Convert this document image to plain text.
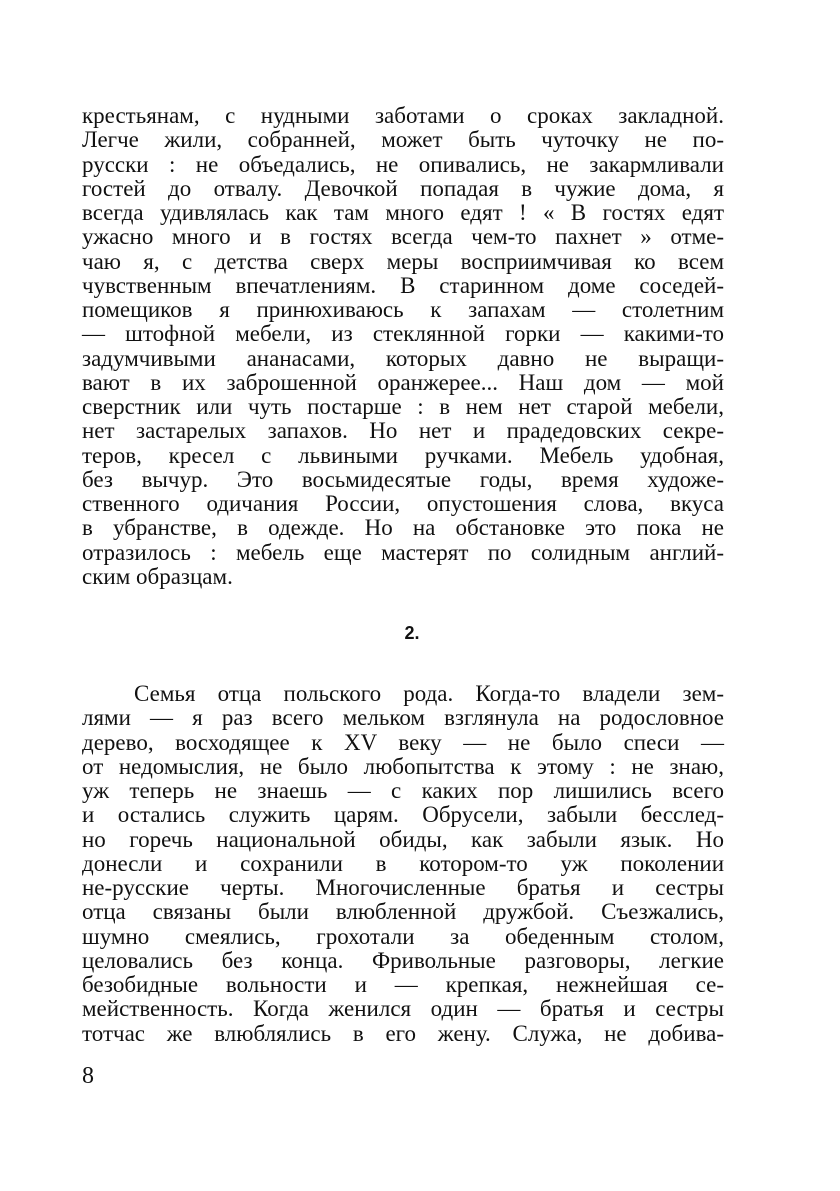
крестьянам, с нудными заботами о сроках закладной.
Легче жили, собранней, может быть чуточку не по-
русски : не объедались, не опивались, не закармливали
гостей до отвалу. Девочкой попадая в чужие дома, я
всегда удивлялась как там много едят ! « В гостях едят
ужасно много и в гостях всегда чем-то пахнет » отме-
чаю я, с детства сверх меры восприимчивая ко всем
чувственным впечатлениям. В старинном доме соседей-
помещиков я принюхиваюсь к запахам — столетним
— штофной мебели, из стеклянной горки — какими-то
задумчивыми ананасами, которых давно не выращи-
вают в их заброшенной оранжерее... Наш дом — мой
сверстник или чуть постарше : в нем нет старой мебели,
нет застарелых запахов. Но нет и прадедовских секре-
теров, кресел с львиными ручками. Мебель удобная,
без вычур. Это восьмидесятые годы, время художе-
ственного одичания России, опустошения слова, вкуса
в убранстве, в одежде. Но на обстановке это пока не
отразилось : мебель еще мастерят по солидным англий-
ским образцам.
2.
Семья отца польского рода. Когда-то владели зем-
лями — я раз всего мельком взглянула на родословное
дерево, восходящее к XV веку — не было спеси —
от недомыслия, не было любопытства к этому : не знаю,
уж теперь не знаешь — с каких пор лишились всего
и остались служить царям. Обрусели, забыли бесслед-
но горечь национальной обиды, как забыли язык. Но
донесли и сохранили в котором-то уж поколении
не-русские черты. Многочисленные братья и сестры
отца связаны были влюбленной дружбой. Съезжались,
шумно смеялись, грохотали за обеденным столом,
целовались без конца. Фривольные разговоры, легкие
безобидные вольности и — крепкая, нежнейшая се-
мейственность. Когда женился один — братья и сестры
тотчас же влюблялись в его жену. Служа, не добива-
8
